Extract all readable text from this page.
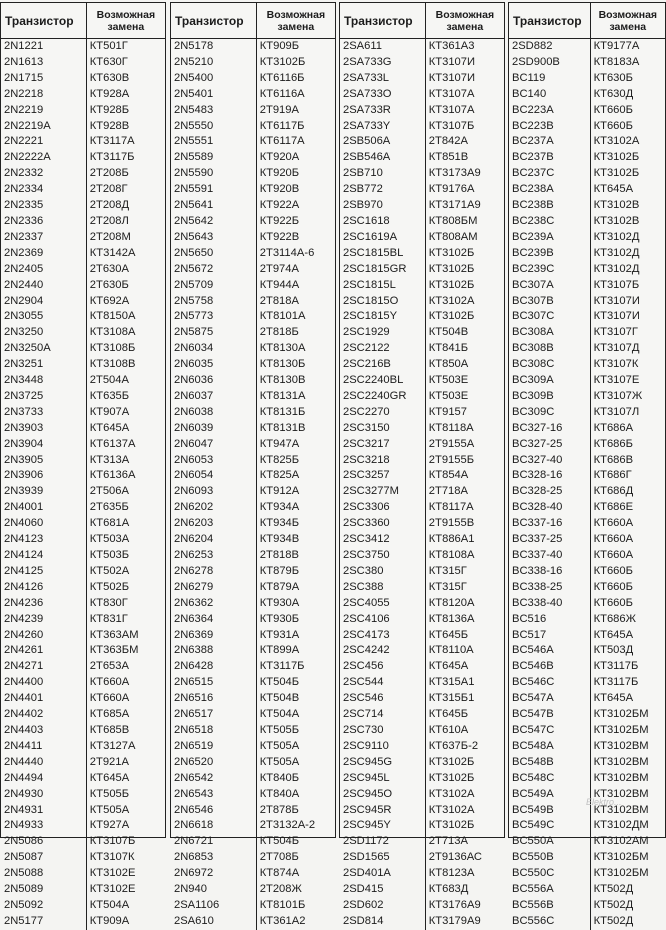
Транзистор	Возможная
замена
2N1221	КТ501Г
2N1613	КТ630Г
2N1715	КТ630В
2N2218	КТ928А
2N2219	КТ928Б
2N2219А	КТ928В
2N2221	КТ3117А
2N2222А	КТ3117Б
2N2332	2Т208Б
2N2334	2Т208Г
2N2335	2Т208Д
2N2336	2Т208Л
2N2337	2Т208М
2N2369	КТ3142А
2N2405	2Т630А
2N2440	2Т630Б
2N2904	КТ692А
2N3055	КТ8150А
2N3250	КТ3108А
2N3250А	КТ3108Б
2N3251	КТ3108В
2N3448	2Т504А
2N3725	КТ635Б
2N3733	КТ907А
2N3903	КТ645А
2N3904	КТ6137А
2N3905	КТ313А
2N3906	КТ6136А
2N3939	2Т506А
2N4001	2Т635Б
2N4060	КТ681А
2N4123	КТ503А
2N4124	КТ503Б
2N4125	КТ502А
2N4126	КТ502Б
2N4236	КТ830Г
2N4239	КТ831Г
2N4260	КТ363АМ
2N4261	КТ363БМ
2N4271	2Т653А
2N4400	КТ660А
2N4401	КТ660А
2N4402	КТ685А
2N4403	КТ685В
2N4411	КТ3127А
2N4440	2Т921А
2N4494	КТ645А
2N4930	КТ505Б
2N4931	КТ505А
2N4933	КТ927А
2N5086	КТ3107Б
2N5087	КТ3107К
2N5088	КТ3102Е
2N5089	КТ3102Е
2N5092	КТ504А
2N5177	КТ909А
Транзистор	Возможная
замена
2N5178	КТ909Б
2N5210	КТ3102Б
2N5400	КТ6116Б
2N5401	КТ6116А
2N5483	2Т919А
2N5550	КТ6117Б
2N5551	КТ6117А
2N5589	КТ920А
2N5590	КТ920Б
2N5591	КТ920В
2N5641	КТ922А
2N5642	КТ922Б
2N5643	КТ922В
2N5650	2Т3114А-6
2N5672	2Т974А
2N5709	КТ944А
2N5758	2Т818А
2N5773	КТ8101А
2N5875	2Т818Б
2N6034	КТ8130А
2N6035	КТ8130Б
2N6036	КТ8130В
2N6037	КТ8131А
2N6038	КТ8131Б
2N6039	КТ8131В
2N6047	КТ947А
2N6053	КТ825Б
2N6054	КТ825А
2N6093	КТ912А
2N6202	КТ934А
2N6203	КТ934Б
2N6204	КТ934В
2N6253	2Т818В
2N6278	КТ879Б
2N6279	КТ879А
2N6362	КТ930А
2N6364	КТ930Б
2N6369	КТ931А
2N6388	КТ899А
2N6428	КТ3117Б
2N6515	КТ504Б
2N6516	КТ504В
2N6517	КТ504А
2N6518	КТ505Б
2N6519	КТ505А
2N6520	КТ505А
2N6542	КТ840Б
2N6543	КТ840А
2N6546	2Т878Б
2N6618	2Т3132А-2
2N6721	КТ504Б
2N6853	2Т708Б
2N6972	КТ874А
2N940	2Т208Ж
2SA1106	КТ8101Б
2SA610	КТ361А2
Транзистор	Возможная
замена
2SA611	КТ361А3
2SA733G	КТ3107И
2SA733L	КТ3107И
2SA733O	КТ3107А
2SA733R	КТ3107А
2SA733Y	КТ3107Б
2SB506А	2Т842А
2SB546А	КТ851В
2SB710	КТ3173А9
2SB772	КТ9176А
2SB970	КТ3171А9
2SC1618	КТ808БМ
2SC1619А	КТ808АМ
2SC1815BL	КТ3102Б
2SC1815GR	КТ3102Б
2SC1815L	КТ3102Б
2SC1815O	КТ3102А
2SC1815Y	КТ3102Б
2SC1929	КТ504В
2SC2122	КТ841Б
2SC216В	КТ850А
2SC2240BL	КТ503Е
2SC2240GR	КТ503Е
2SC2270	КТ9157
2SC3150	КТ8118А
2SC3217	2Т9155А
2SC3218	2Т9155Б
2SC3257	КТ854А
2SC3277М	2Т718А
2SC3306	КТ8117А
2SC3360	2Т9155В
2SC3412	КТ886А1
2SC3750	КТ8108А
2SC380	КТ315Г
2SC388	КТ315Г
2SC4055	КТ8120А
2SC4106	КТ8136А
2SC4173	КТ645Б
2SC4242	КТ8110А
2SC456	КТ645А
2SC544	КТ315А1
2SC546	КТ315Б1
2SC714	КТ645Б
2SC730	КТ610А
2SC9110	КТ637Б-2
2SC945G	КТ3102Б
2SC945L	КТ3102Б
2SC945O	КТ3102А
2SC945R	КТ3102А
2SC945Y	КТ3102Б
2SD1172	2Т713А
2SD1565	2Т9136АС
2SD401А	КТ8123А
2SD415	КТ683Д
2SD602	КТ3176А9
2SD814	КТ3179А9
Транзистор	Возможная
замена
2SD882	КТ9177А
2SD900В	КТ8183А
BC119	КТ630Б
BC140	КТ630Д
BC223А	КТ660Б
BC223В	КТ660Б
BC237А	КТ3102А
BC237В	КТ3102Б
BC237С	КТ3102Б
BC238А	КТ645А
BC238В	КТ3102В
BC238С	КТ3102В
BC239А	КТ3102Д
BC239В	КТ3102Д
BC239С	КТ3102Д
BC307А	КТ3107Б
BC307В	КТ3107И
BC307С	КТ3107И
BC308А	КТ3107Г
BC308В	КТ3107Д
BC308С	КТ3107К
BC309А	КТ3107Е
BC309В	КТ3107Ж
BC309С	КТ3107Л
BC327-16	КТ686А
BC327-25	КТ686Б
BC327-40	КТ686В
BC328-16	КТ686Г
BC328-25	КТ686Д
BC328-40	КТ686Е
BC337-16	КТ660А
BC337-25	КТ660А
BC337-40	КТ660А
BC338-16	КТ660Б
BC338-25	КТ660Б
BC338-40	КТ660Б
BC516	КТ686Ж
BC517	КТ645А
BC546А	КТ503Д
BC546В	КТ3117Б
BC546С	КТ3117Б
BC547А	КТ645А
BC547В	КТ3102БМ
BC547С	КТ3102БМ
BC548А	КТ3102ВМ
BC548В	КТ3102ВМ
BC548С	КТ3102ВМ
BC549А	КТ3102ВМ
BC549В	КТ3102ВМ
BC549С	КТ3102ДМ
BC550А	КТ3102АМ
BC550В	КТ3102БМ
BC550С	КТ3102БМ
BC556А	КТ502Д
BC556В	КТ502Д
BC556С	КТ502Д
Elektro...
